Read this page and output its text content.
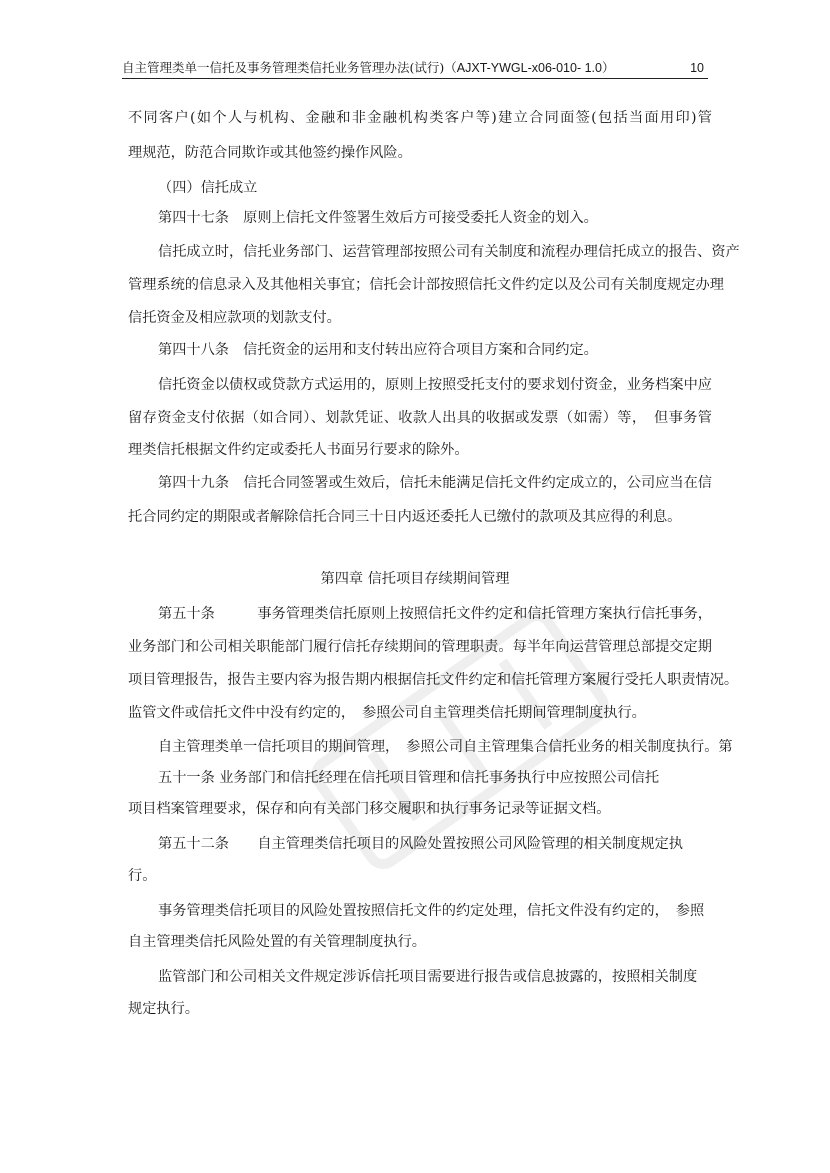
自主管理类单一信托及事务管理类信托业务管理办法(试行)（AJXT-YWGL-x06-010- 1.0）	10
不同客户(如个人与机构、金融和非金融机构类客户等)建立合同面签(包括当面用印)管
理规范，防范合同欺诈或其他签约操作风险。
（四）信托成立
第四十七条　原则上信托文件签署生效后方可接受委托人资金的划入。
信托成立时，信托业务部门、运营管理部按照公司有关制度和流程办理信托成立的报告、资产
管理系统的信息录入及其他相关事宜；信托会计部按照信托文件约定以及公司有关制度规定办理
信托资金及相应款项的划款支付。
第四十八条　信托资金的运用和支付转出应符合项目方案和合同约定。
信托资金以债权或贷款方式运用的，原则上按照受托支付的要求划付资金，业务档案中应
留存资金支付依据（如合同）、划款凭证、收款人出具的收据或发票（如需）等，　但事务管
理类信托根据文件约定或委托人书面另行要求的除外。
第四十九条　信托合同签署或生效后，信托未能满足信托文件约定成立的，公司应当在信
托合同约定的期限或者解除信托合同三十日内返还委托人已缴付的款项及其应得的利息。
第四章 信托项目存续期间管理
第五十条　　　事务管理类信托原则上按照信托文件约定和信托管理方案执行信托事务，
业务部门和公司相关职能部门履行信托存续期间的管理职责。每半年向运营管理总部提交定期
项目管理报告，报告主要内容为报告期内根据信托文件约定和信托管理方案履行受托人职责情况。
监管文件或信托文件中没有约定的，　参照公司自主管理类信托期间管理制度执行。
自主管理类单一信托项目的期间管理，　参照公司自主管理集合信托业务的相关制度执行。第
五十一条 业务部门和信托经理在信托项目管理和信托事务执行中应按照公司信托
项目档案管理要求，保存和向有关部门移交履职和执行事务记录等证据文档。
第五十二条　　自主管理类信托项目的风险处置按照公司风险管理的相关制度规定执
行。
事务管理类信托项目的风险处置按照信托文件的约定处理，信托文件没有约定的，　参照
自主管理类信托风险处置的有关管理制度执行。
监管部门和公司相关文件规定涉诉信托项目需要进行报告或信息披露的，按照相关制度
规定执行。
